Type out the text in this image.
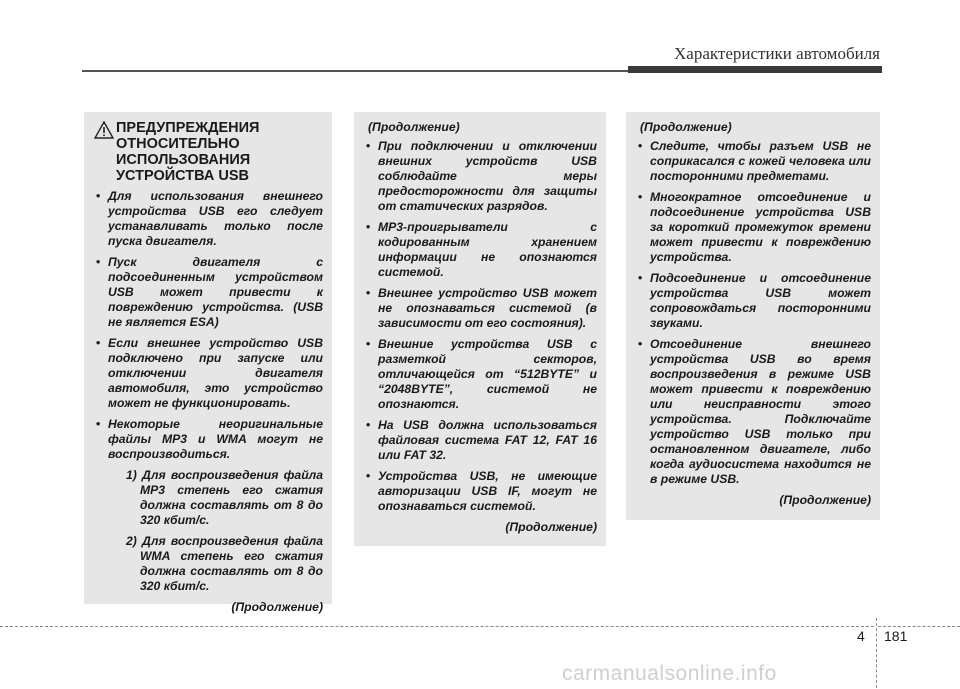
Характеристики автомобиля
ПРЕДУПРЕЖДЕНИЯ ОТНОСИТЕЛЬНО ИСПОЛЬЗОВАНИЯ УСТРОЙСТВА USB
• Для использования внешнего устройства USB его следует устанавливать только после пуска двигателя.
• Пуск двигателя с подсоединенным устройством USB может привести к повреждению устройства. (USB не является ESA)
• Если внешнее устройство USB подключено при запуске или отключении двигателя автомобиля, это устройство может не функционировать.
• Некоторые неоригинальные файлы MP3 и WMA могут не воспроизводиться.
1) Для воспроизведения файла MP3 степень его сжатия должна составлять от 8 до 320 кбит/с.
2) Для воспроизведения файла WMA степень его сжатия должна составлять от 8 до 320 кбит/с.
(Продолжение)
(Продолжение)
• При подключении и отключении внешних устройств USB соблюдайте меры предосторожности для защиты от статических разрядов.
• MP3-проигрыватели с кодированным хранением информации не опознаются системой.
• Внешнее устройство USB может не опознаваться системой (в зависимости от его состояния).
• Внешние устройства USB с разметкой секторов, отличающейся от “512BYTE” и “2048BYTE”, системой не опознаются.
• На USB должна использоваться файловая система FAT 12, FAT 16 или FAT 32.
• Устройства USB, не имеющие авторизации USB IF, могут не опознаваться системой.
(Продолжение)
(Продолжение)
• Следите, чтобы разъем USB не соприкасался с кожей человека или посторонними предметами.
• Многократное отсоединение и подсоединение устройства USB за короткий промежуток времени может привести к повреждению устройства.
• Подсоединение и отсоединение устройства USB может сопровождаться посторонними звуками.
• Отсоединение внешнего устройства USB во время воспроизведения в режиме USB может привести к повреждению или неисправности этого устройства. Подключайте устройство USB только при остановленном двигателе, либо когда аудиосистема находится не в режиме USB.
(Продолжение)
4 181
carmanualsonline.info
